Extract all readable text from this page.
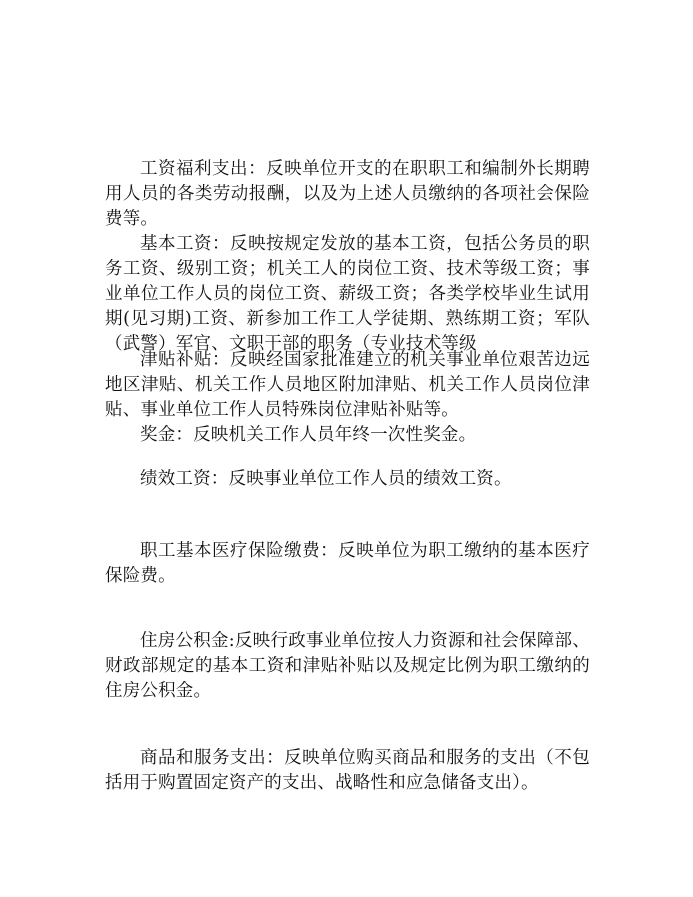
工资福利支出：反映单位开支的在职职工和编制外长期聘用人员的各类劳动报酬，以及为上述人员缴纳的各项社会保险费等。

基本工资：反映按规定发放的基本工资，包括公务员的职务工资、级别工资；机关工人的岗位工资、技术等级工资；事业单位工作人员的岗位工资、薪级工资；各类学校毕业生试用期(见习期)工资、新参加工作工人学徒期、熟练期工资；军队（武警）军官、文职干部的职务（专业技术等级

津贴补贴：反映经国家批准建立的机关事业单位艰苦边远地区津贴、机关工作人员地区附加津贴、机关工作人员岗位津贴、事业单位工作人员特殊岗位津贴补贴等。

奖金：反映机关工作人员年终一次性奖金。

绩效工资：反映事业单位工作人员的绩效工资。

职工基本医疗保险缴费：反映单位为职工缴纳的基本医疗保险费。

住房公积金:反映行政事业单位按人力资源和社会保障部、财政部规定的基本工资和津贴补贴以及规定比例为职工缴纳的住房公积金。

商品和服务支出：反映单位购买商品和服务的支出（不包括用于购置固定资产的支出、战略性和应急储备支出）。
